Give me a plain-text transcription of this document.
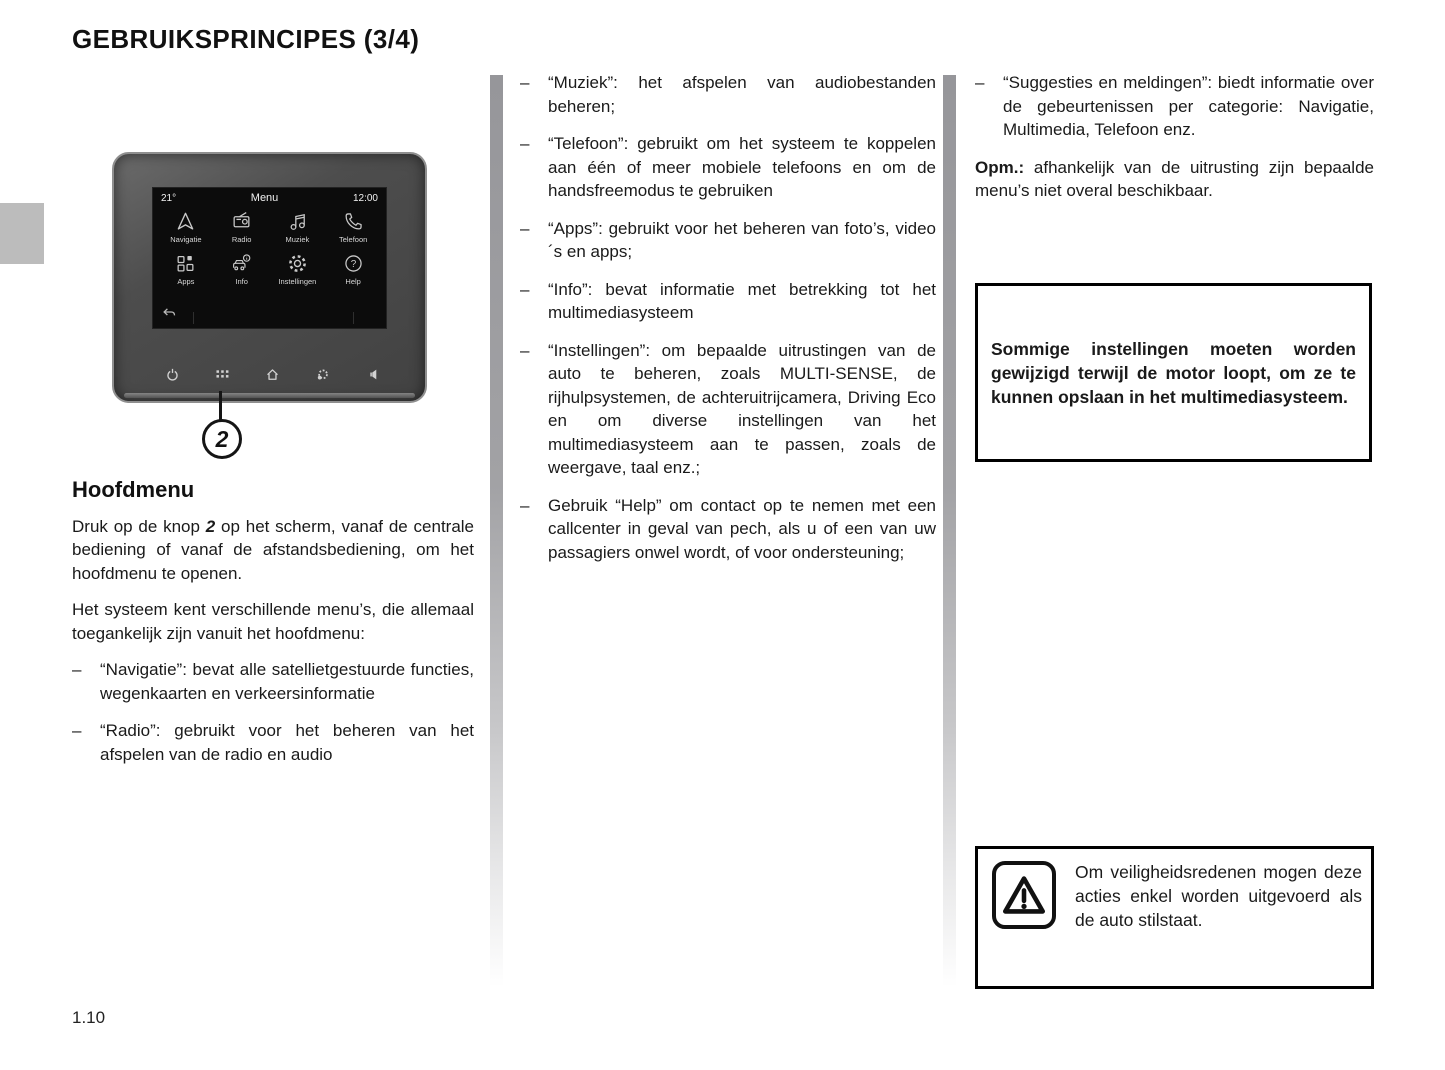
GEBRUIKSPRINCIPES (3/4)
21°	Menu	12:00
Navigatie	Radio	Muziek	Telefoon
Apps	Info	Instellingen
?
Help
2
Hoofdmenu

Druk op de knop 2 op het scherm, vanaf de centrale bediening of vanaf de afstandsbediening, om het hoofdmenu te openen.

Het systeem kent verschillende menu’s, die allemaal toegankelijk zijn vanuit het hoofdmenu:

–	“Navigatie”: bevat alle satellietgestuurde functies, wegenkaarten en verkeersinformatie
–	“Radio”: gebruikt voor het beheren van het afspelen van de radio en audio
–	“Muziek”: het afspelen van audiobestanden beheren;
–	“Telefoon”: gebruikt om het systeem te koppelen aan één of meer mobiele telefoons en om de handsfreemodus te gebruiken
–	“Apps”: gebruikt voor het beheren van foto’s, video´s en apps;
–	“Info”: bevat informatie met betrekking tot het multimediasysteem
–	“Instellingen”: om bepaalde uitrustingen van de auto te beheren, zoals MULTI-SENSE, de rijhulpsystemen, de achteruitrijcamera, Driving Eco en om diverse instellingen van het multimediasysteem aan te passen, zoals de weergave, taal enz.;
–	Gebruik “Help” om contact op te nemen met een callcenter in geval van pech, als u of een van uw passagiers onwel wordt, of voor ondersteuning;
–	“Suggesties en meldingen”: biedt informatie over de gebeurtenissen per categorie: Navigatie, Multimedia, Telefoon enz.

Opm.: afhankelijk van de uitrusting zijn bepaalde menu’s niet overal beschikbaar.

Sommige instellingen moeten worden gewijzigd terwijl de motor loopt, om ze te kunnen opslaan in het multimediasysteem.

Om veiligheidsredenen mogen deze acties enkel worden uitgevoerd als de auto stilstaat.
1.10
